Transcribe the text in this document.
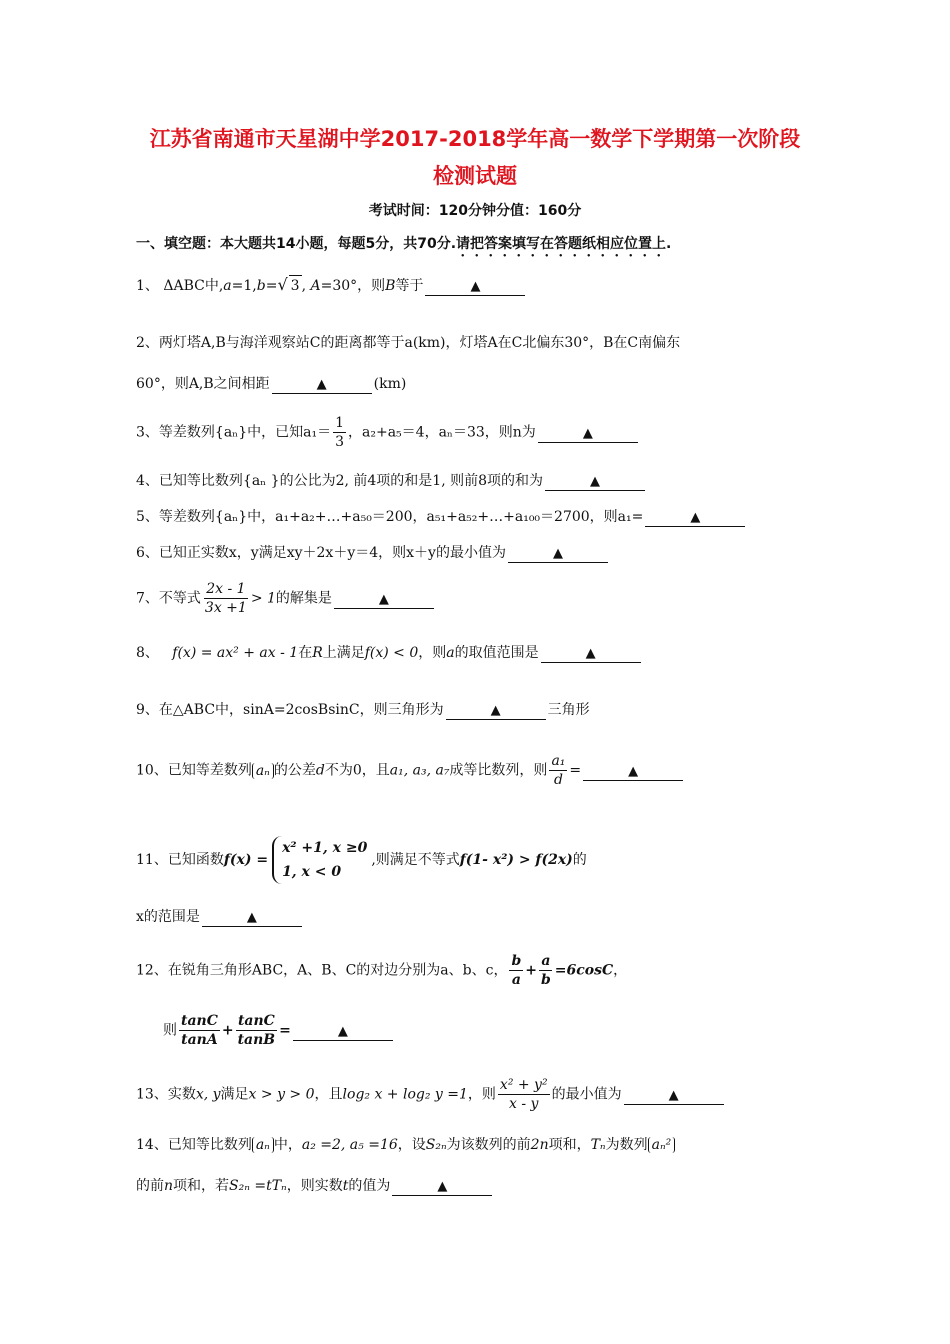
江苏省南通市天星湖中学2017-2018学年高一数学下学期第一次阶段
检测试题
考试时间：120分钟分值：160分
一、填空题：本大题共14小题，每题5分，共70分.请把答案填写在答题纸相应位置上.
1、 ΔABC中,a=1,b=√ 3 , A=30°，则B等于	▲
2、两灯塔A,B与海洋观察站C的距离都等于a(km)，灯塔A在C北偏东30°，B在C南偏东
60°，则A,B之间相距	▲	(km)
3、等差数列{aₙ}中，已知$a_1= \frac{1}{3}$ ，a₂+a₅＝4，aₙ＝33，则n为	▲
4、已知等比数列{aₙ }的公比为2, 前4项的和是1, 则前8项的和为	▲
5、等差数列{aₙ}中，a₁+a₂+…+a₅₀＝200，a₅₁+a₅₂+…+a₁₀₀＝2700，则a₁=	▲
6、已知正实数x，y满足xy＋2x＋y＝4，则x＋y的最小值为	▲
7、不等式 $\frac{2x - 1}{3x +1} > 1$的解集是	▲
8、 f(x) = ax² + ax - 1在R上满足f(x) < 0，则a的取值范围是	▲
9、在△ABC中，sinA=2cosBsinC，则三角形为	▲	三角形
10、已知等差数列 aₙ 的公差d不为0，且a₁, a₃, a₇成等比数列，则 $\frac{\text{a₁}}{d}$ =	▲
11、已知函数f(x) =
x² +1, x ≥0
1, x < 0
,则满足不等式f(1- x²) > f(2x)的
x的范围是	▲
12、在锐角三角形ABC，A、B、C的对边分别为a、b、c， $\frac{b}{a} + \frac{a}{b} =6\cos C$，
则 $\frac{\tan C}{\tan A} + \frac{\tan C}{\tan B}$ =	▲
13、实数x, y满足x > y > 0，且log₂ x + log₂ y =1，则 $\frac{\text{x² + y²}}{x - y}$ 的最小值为	▲
14、已知等比数列 aₙ 中，a₂ =2, a₅ =16，设S₂ₙ为该数列的前2n项和，Tₙ为数列 aₙ²
的前n项和，若S₂ₙ =tTₙ，则实数t的值为	▲
